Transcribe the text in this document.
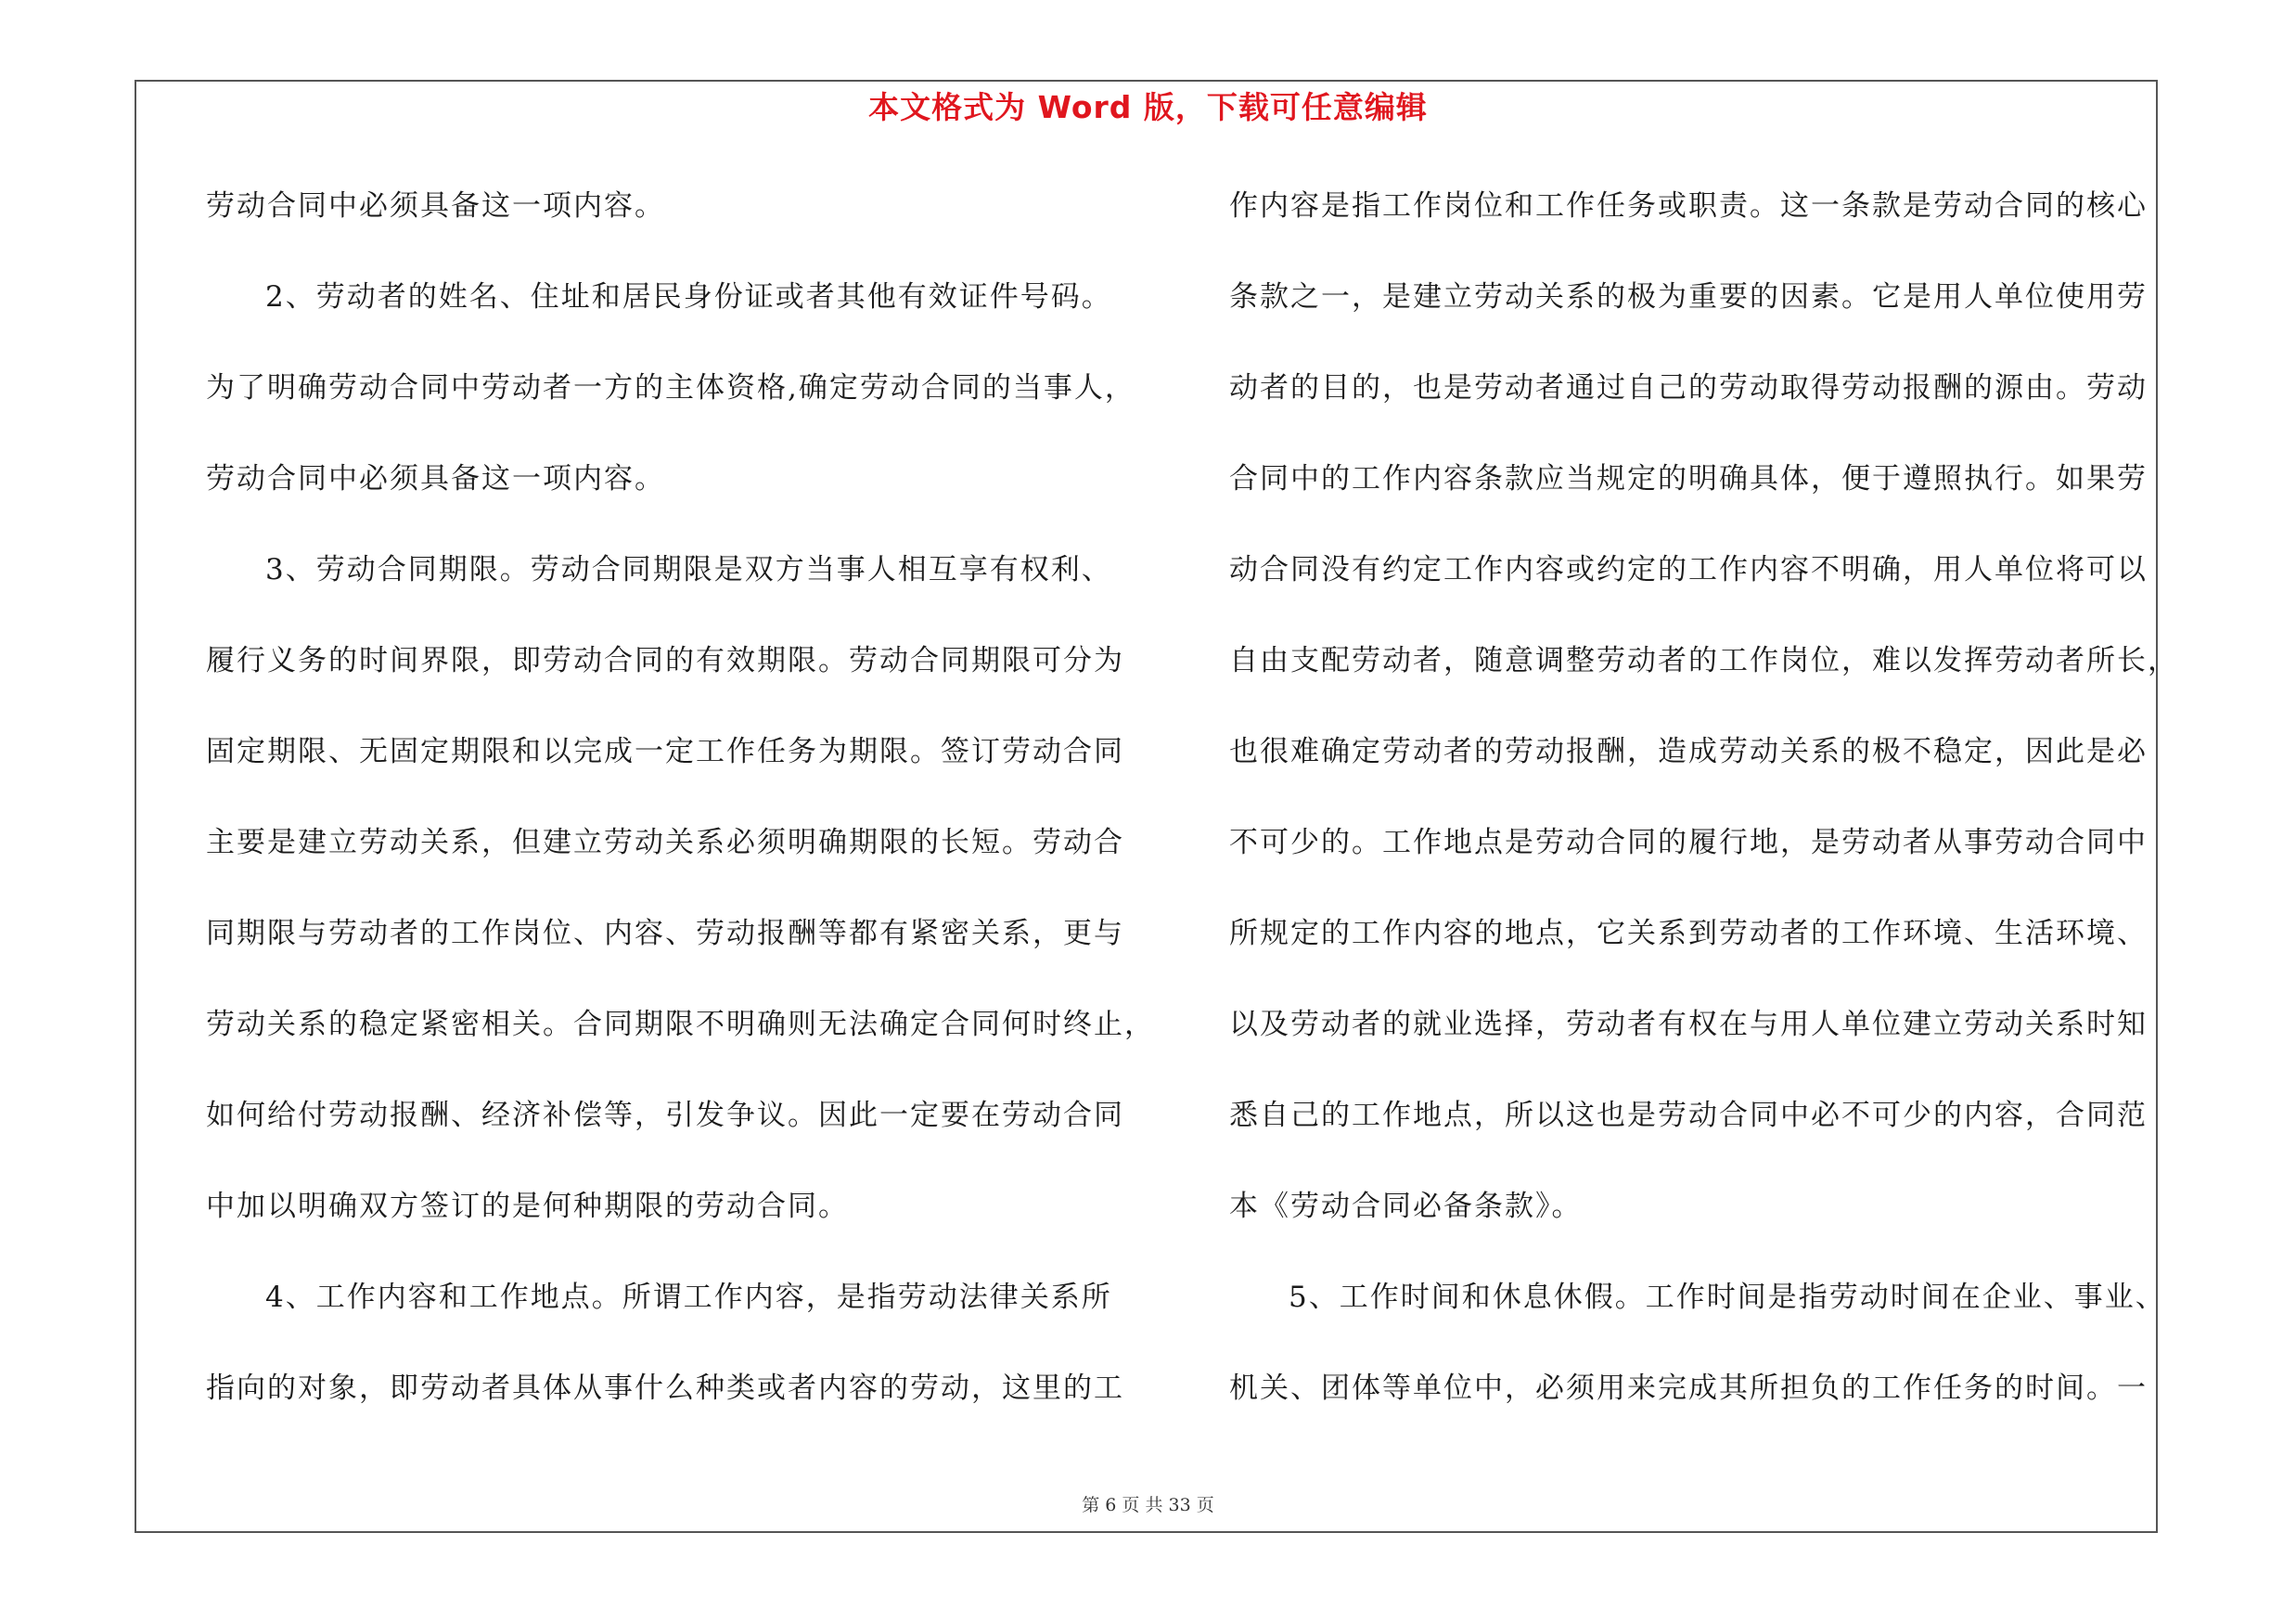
本文格式为 Word 版，下载可任意编辑
劳动合同中必须具备这一项内容。
2、劳动者的姓名、住址和居民身份证或者其他有效证件号码。
为了明确劳动合同中劳动者一方的主体资格,确定劳动合同的当事人，
劳动合同中必须具备这一项内容。
3、劳动合同期限。劳动合同期限是双方当事人相互享有权利、
履行义务的时间界限，即劳动合同的有效期限。劳动合同期限可分为
固定期限、无固定期限和以完成一定工作任务为期限。签订劳动合同
主要是建立劳动关系，但建立劳动关系必须明确期限的长短。劳动合
同期限与劳动者的工作岗位、内容、劳动报酬等都有紧密关系，更与
劳动关系的稳定紧密相关。合同期限不明确则无法确定合同何时终止，
如何给付劳动报酬、经济补偿等，引发争议。因此一定要在劳动合同
中加以明确双方签订的是何种期限的劳动合同。
4、工作内容和工作地点。所谓工作内容，是指劳动法律关系所
指向的对象，即劳动者具体从事什么种类或者内容的劳动，这里的工
作内容是指工作岗位和工作任务或职责。这一条款是劳动合同的核心
条款之一，是建立劳动关系的极为重要的因素。它是用人单位使用劳
动者的目的，也是劳动者通过自己的劳动取得劳动报酬的源由。劳动
合同中的工作内容条款应当规定的明确具体，便于遵照执行。如果劳
动合同没有约定工作内容或约定的工作内容不明确，用人单位将可以
自由支配劳动者，随意调整劳动者的工作岗位，难以发挥劳动者所长，
也很难确定劳动者的劳动报酬，造成劳动关系的极不稳定，因此是必
不可少的。工作地点是劳动合同的履行地，是劳动者从事劳动合同中
所规定的工作内容的地点，它关系到劳动者的工作环境、生活环境、
以及劳动者的就业选择，劳动者有权在与用人单位建立劳动关系时知
悉自己的工作地点，所以这也是劳动合同中必不可少的内容，合同范
本《劳动合同必备条款》。
5、工作时间和休息休假。工作时间是指劳动时间在企业、事业、
机关、团体等单位中，必须用来完成其所担负的工作任务的时间。一
第 6 页 共 33 页
